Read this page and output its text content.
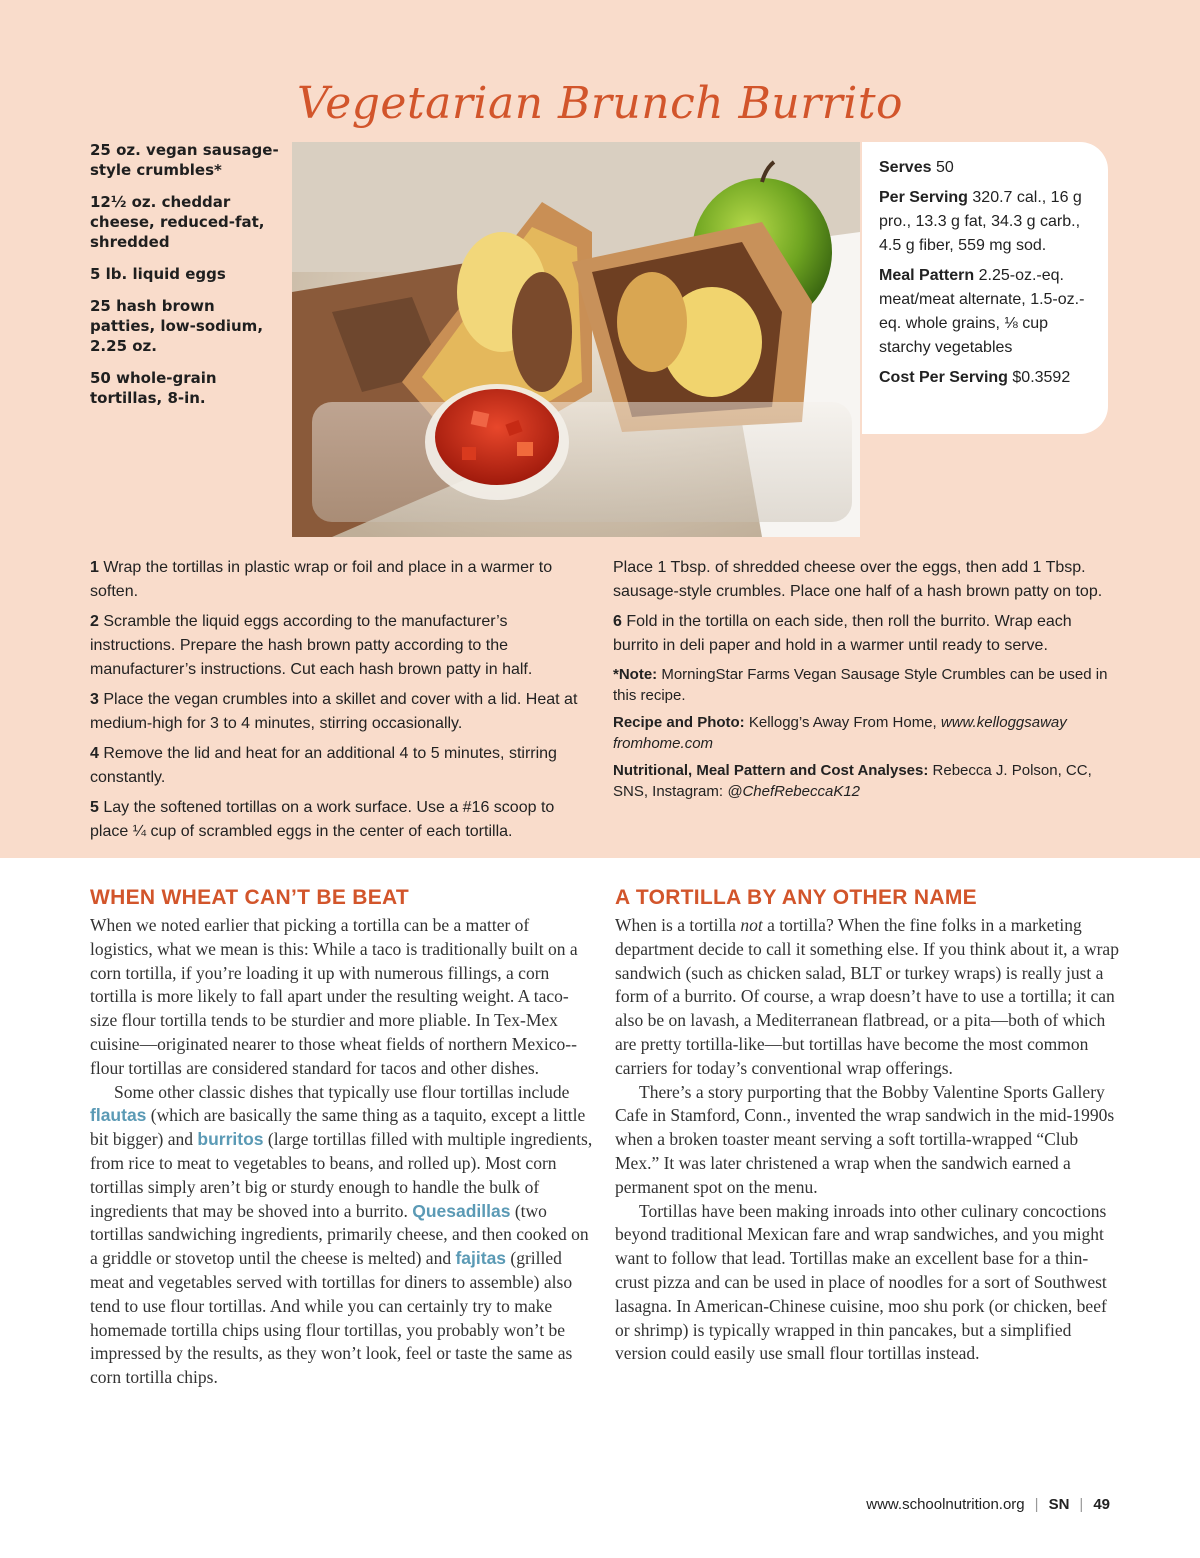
Vegetarian Brunch Burrito

25 oz. vegan sausage-style crumbles*

12½ oz. cheddar cheese, reduced-fat, shredded

5 lb. liquid eggs

25 hash brown patties, low-sodium, 2.25 oz.

50 whole-grain tortillas, 8-in.

Serves 50

Per Serving 320.7 cal., 16 g pro., 13.3 g fat, 34.3 g carb., 4.5 g fiber, 559 mg sod.

Meal Pattern 2.25-oz.-eq. meat/meat alternate, 1.5-oz.-eq. whole grains, ⅛ cup starchy vegetables

Cost Per Serving $0.3592

1 Wrap the tortillas in plastic wrap or foil and place in a warmer to soften.

2 Scramble the liquid eggs according to the manufacturer’s instructions. Prepare the hash brown patty according to the manufacturer’s instructions. Cut each hash brown patty in half.

3 Place the vegan crumbles into a skillet and cover with a lid. Heat at medium-high for 3 to 4 minutes, stirring occasionally.

4 Remove the lid and heat for an additional 4 to 5 minutes, stirring constantly.

5 Lay the softened tortillas on a work surface. Use a #16 scoop to place ¼ cup of scrambled eggs in the center of each tortilla.

Place 1 Tbsp. of shredded cheese over the eggs, then add 1 Tbsp. sausage-style crumbles. Place one half of a hash brown patty on top.

6 Fold in the tortilla on each side, then roll the burrito. Wrap each burrito in deli paper and hold in a warmer until ready to serve.

*Note: MorningStar Farms Vegan Sausage Style Crumbles can be used in this recipe.

Recipe and Photo: Kellogg’s Away From Home, www.kelloggsaway fromhome.com

Nutritional, Meal Pattern and Cost Analyses: Rebecca J. Polson, CC, SNS, Instagram: @ChefRebeccaK12

WHEN WHEAT CAN’T BE BEAT

When we noted earlier that picking a tortilla can be a matter of logistics, what we mean is this: While a taco is traditionally built on a corn tortilla, if you’re loading it up with numerous fillings, a corn tortilla is more likely to fall apart under the resulting weight. A taco-size flour tortilla tends to be sturdier and more pliable. In Tex-Mex cuisine—originated nearer to those wheat fields of northern Mexico--flour tortillas are considered standard for tacos and other dishes.

Some other classic dishes that typically use flour tortillas include flautas (which are basically the same thing as a taquito, except a little bit bigger) and burritos (large tortillas filled with multiple ingredients, from rice to meat to vegetables to beans, and rolled up). Most corn tortillas simply aren’t big or sturdy enough to handle the bulk of ingredients that may be shoved into a burrito. Quesadillas (two tortillas sandwiching ingredients, primarily cheese, and then cooked on a griddle or stovetop until the cheese is melted) and fajitas (grilled meat and vegetables served with tortillas for diners to assemble) also tend to use flour tortillas. And while you can certainly try to make homemade tortilla chips using flour tortillas, you probably won’t be impressed by the results, as they won’t look, feel or taste the same as corn tortilla chips.

A TORTILLA BY ANY OTHER NAME

When is a tortilla not a tortilla? When the fine folks in a marketing department decide to call it something else. If you think about it, a wrap sandwich (such as chicken salad, BLT or turkey wraps) is really just a form of a burrito. Of course, a wrap doesn’t have to use a tortilla; it can also be on lavash, a Mediterranean flatbread, or a pita—both of which are pretty tortilla-like—but tortillas have become the most common carriers for today’s conventional wrap offerings.

There’s a story purporting that the Bobby Valentine Sports Gallery Cafe in Stamford, Conn., invented the wrap sandwich in the mid-1990s when a broken toaster meant serving a soft tortilla-wrapped “Club Mex.” It was later christened a wrap when the sandwich earned a permanent spot on the menu.

Tortillas have been making inroads into other culinary concoctions beyond traditional Mexican fare and wrap sandwiches, and you might want to follow that lead. Tortillas make an excellent base for a thin-crust pizza and can be used in place of noodles for a sort of Southwest lasagna. In American-Chinese cuisine, moo shu pork (or chicken, beef or shrimp) is typically wrapped in thin pancakes, but a simplified version could easily use small flour tortillas instead.

www.schoolnutrition.org | SN | 49
